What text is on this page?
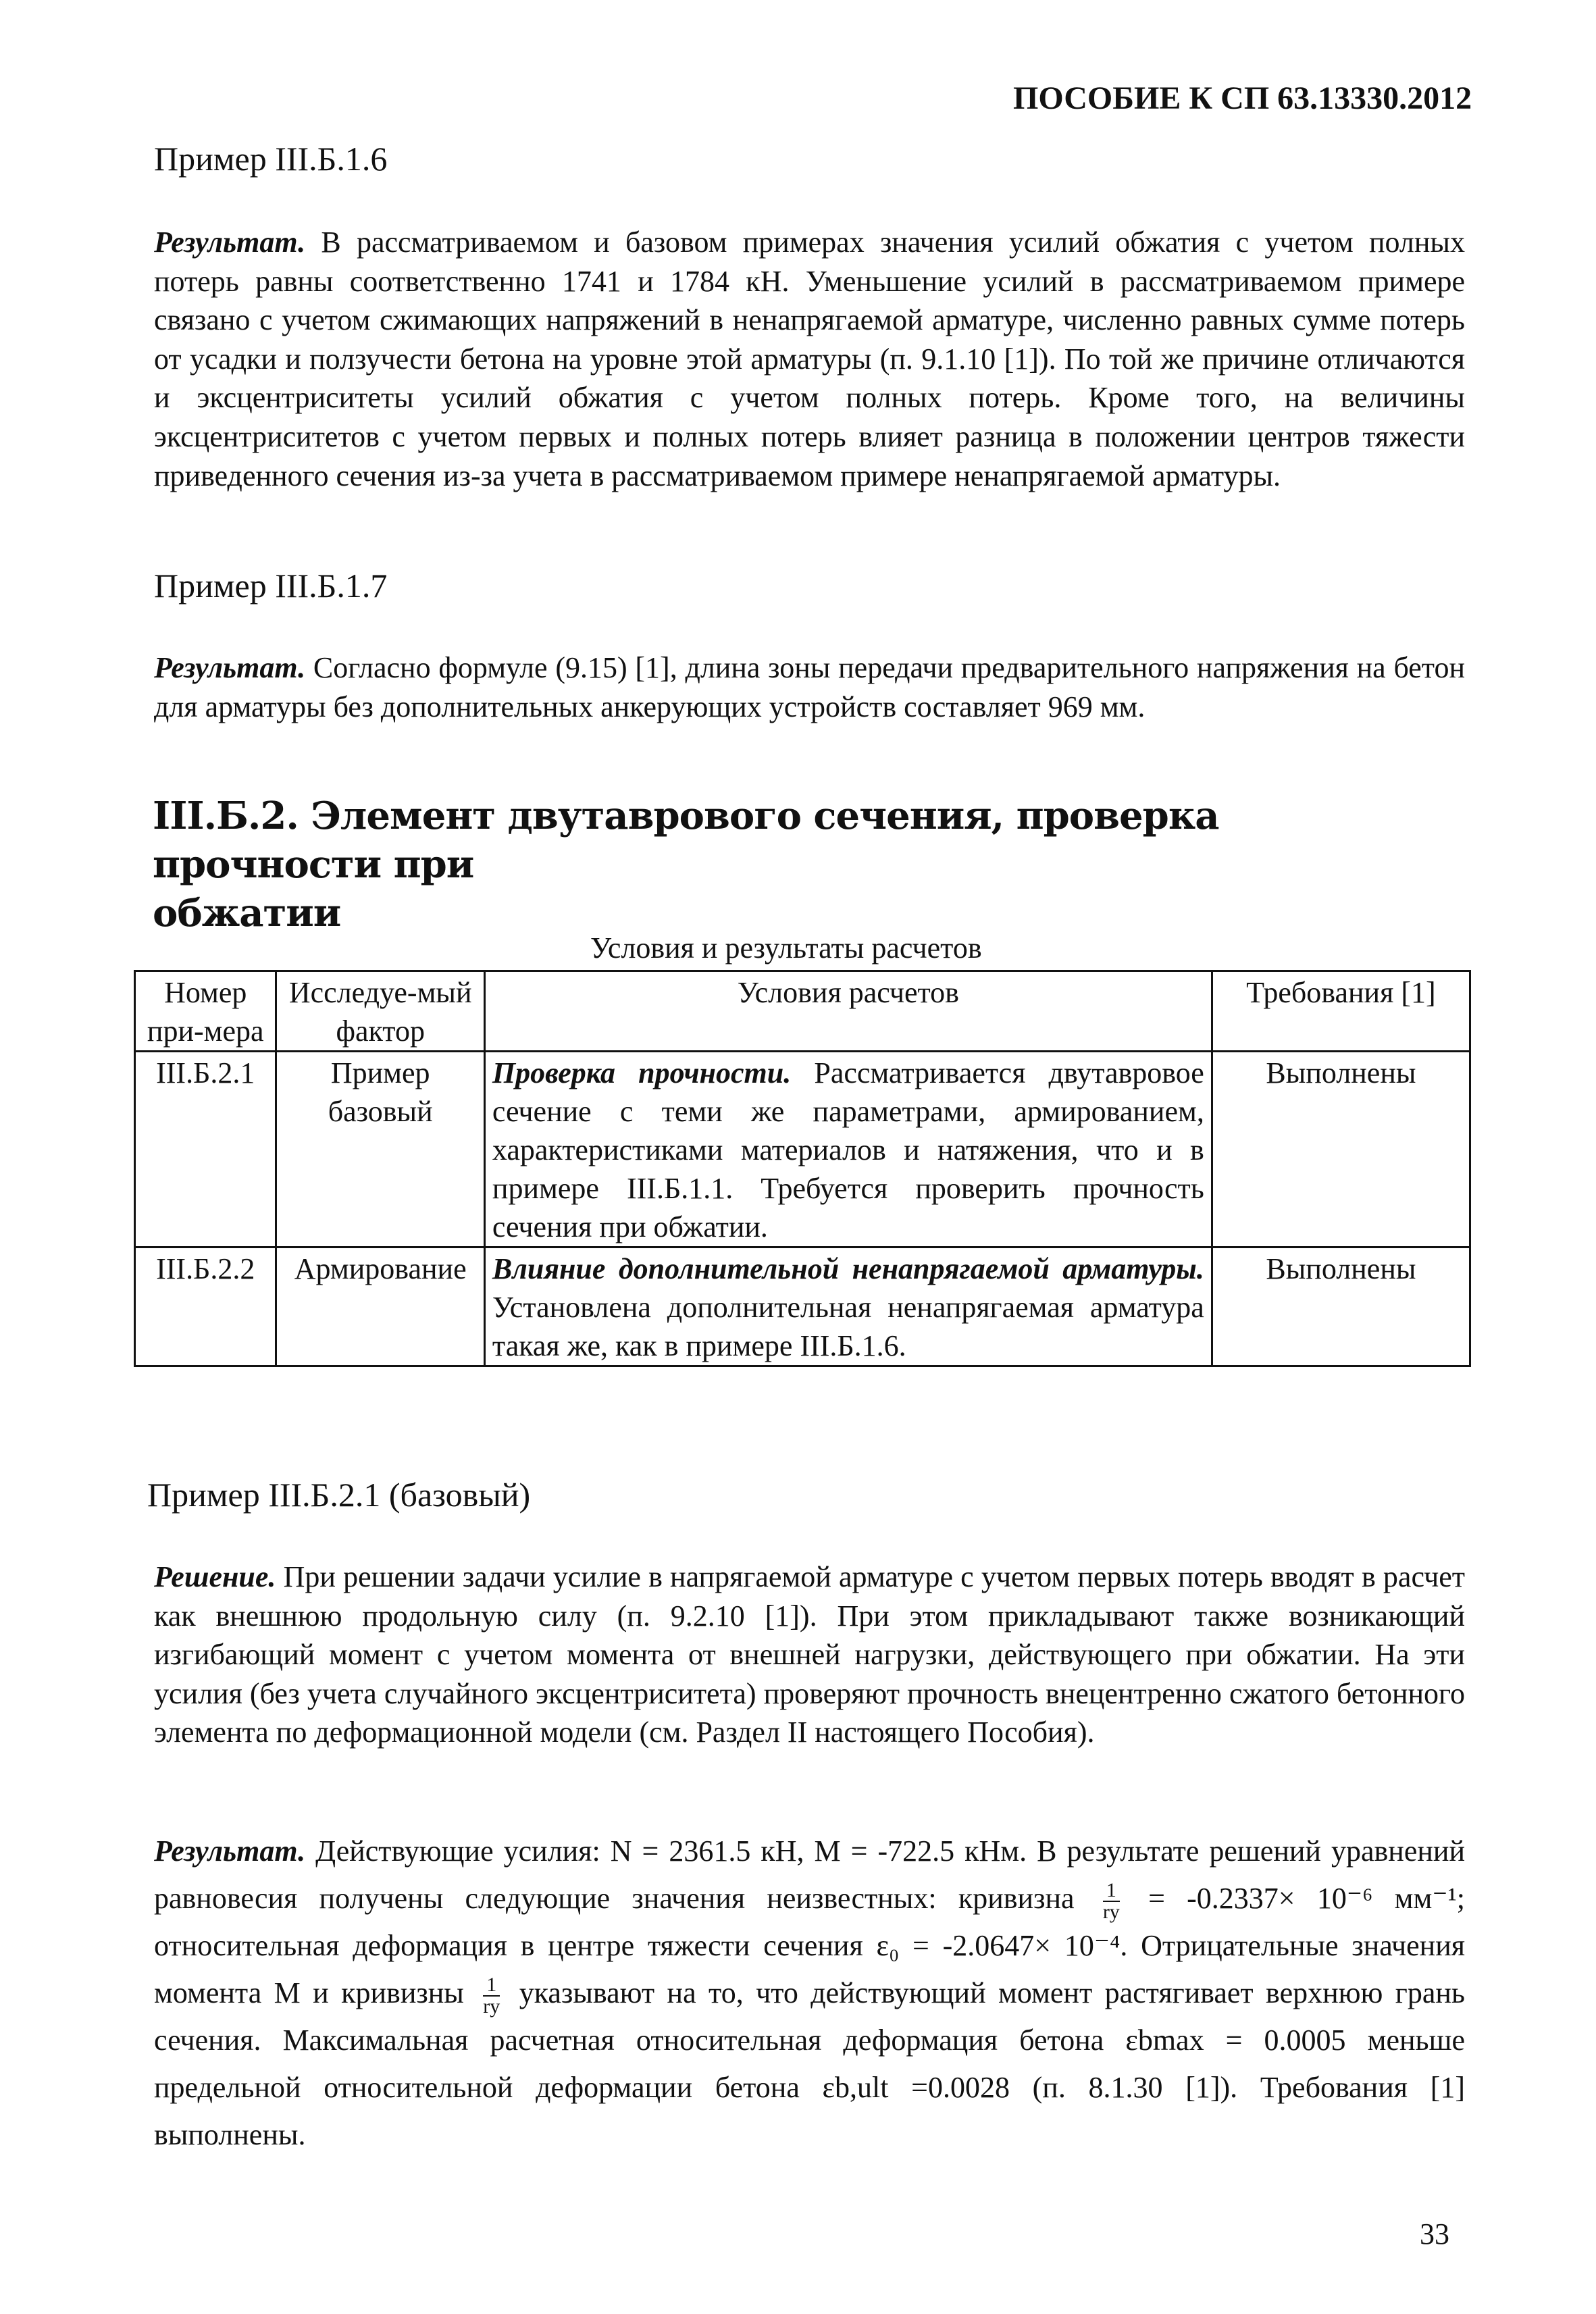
ПОСОБИЕ К СП 63.13330.2012
Пример III.Б.1.6
Результат. В рассматриваемом и базовом примерах значения усилий обжатия с учетом полных потерь равны соответственно 1741 и 1784 кН. Уменьшение усилий в рассматриваемом примере связано с учетом сжимающих напряжений в ненапрягаемой арматуре, численно равных сумме потерь от усадки и ползучести бетона на уровне этой арматуры (п. 9.1.10 [1]). По той же причине отличаются и эксцентриситеты усилий обжатия с учетом полных потерь. Кроме того, на величины эксцентриситетов с учетом первых и полных потерь влияет разница в положении центров тяжести приведенного сечения из-за учета в рассматриваемом примере ненапрягаемой арматуры.
Пример III.Б.1.7
Результат. Согласно формуле (9.15) [1], длина зоны передачи предварительного напряжения на бетон для арматуры без дополнительных анкерующих устройств составляет 969 мм.
III.Б.2. Элемент двутаврового сечения, проверка прочности при
обжатии
Условия и результаты расчетов
Номер при-мера	Исследуе-мый фактор	Условия расчетов	Требования [1]
III.Б.2.1	Пример базовый	Проверка прочности. Рассматривается двутавровое сечение с теми же параметрами, армированием, характеристиками материалов и натяжения, что и в примере III.Б.1.1. Требуется проверить прочность сечения при обжатии.	Выполнены
III.Б.2.2	Армирование	Влияние дополнительной ненапрягаемой арматуры. Установлена дополнительная ненапрягаемая арматура такая же, как в примере III.Б.1.6.	Выполнены
Пример III.Б.2.1 (базовый)
Решение. При решении задачи усилие в напрягаемой арматуре с учетом первых потерь вводят в расчет как внешнюю продольную силу (п. 9.2.10 [1]). При этом прикладывают также возникающий изгибающий момент с учетом момента от внешней нагрузки, действующего при обжатии. На эти усилия (без учета случайного эксцентриситета) проверяют прочность внецентренно сжатого бетонного элемента по деформационной модели (см. Раздел II настоящего Пособия).
Результат. Действующие усилия: N = 2361.5 кН, M = -722.5 кНм. В результате решений уравнений равновесия получены следующие значения неизвестных: кривизна $\frac{1}{ry} = -0.2337\times 10^{-6}$ мм⁻¹; относительная деформация в центре тяжести сечения ε₀ = -2.0647× 10⁻⁴. Отрицательные значения момента M и кривизны $\frac{1}{ry}$ указывают на то, что действующий момент растягивает верхнюю грань сечения. Максимальная расчетная относительная деформация бетона εbmax = 0.0005 меньше предельной относительной деформации бетона εb,ult =0.0028 (п. 8.1.30 [1]). Требования [1] выполнены.
33
